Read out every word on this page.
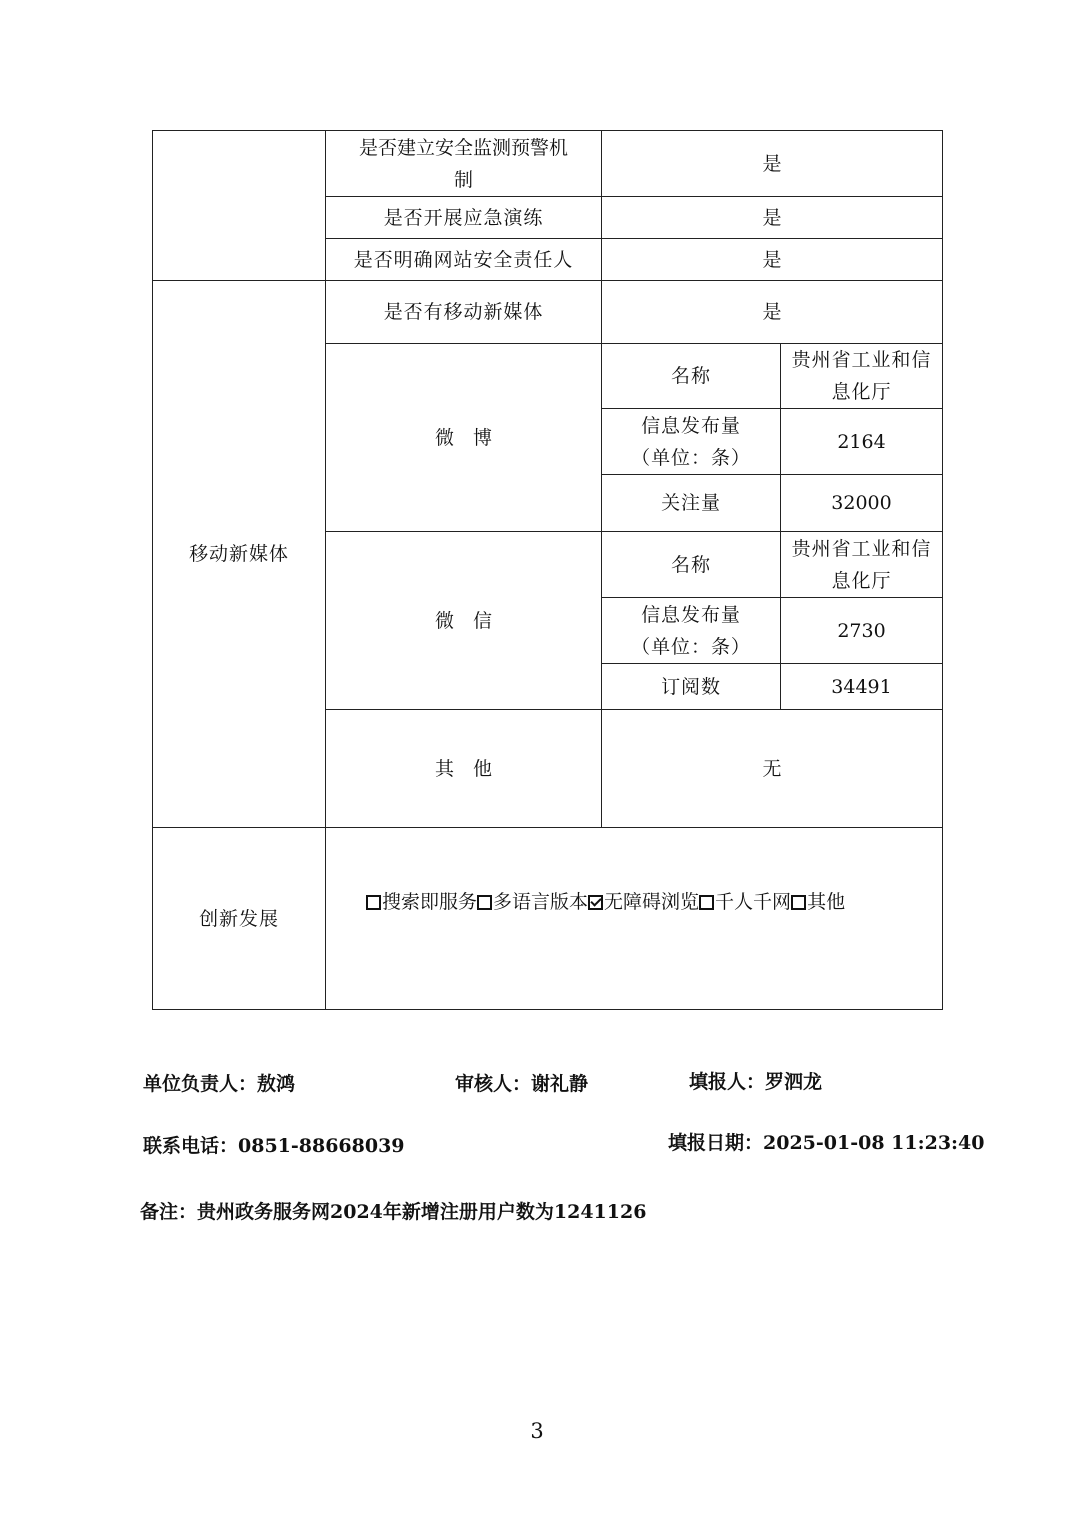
	是否建立安全监测预警机制	是	
	是否开展应急演练	是	
	是否明确网站安全责任人	是	
移动新媒体	是否有移动新媒体	是	
	微　博	名称	贵州省工业和信息化厅
		信息发布量（单位：条）	2164
		关注量	32000
	微　信	名称	贵州省工业和信息化厅
		信息发布量（单位：条）	2730
		订阅数	34491
	其　他	无	
创新发展	搜索即服务 多语言版本 无障碍浏览 千人千网 其他		
单位负责人：敖鸿	审核人：谢礼静	填报人：罗泗龙
联系电话：0851-88668039	填报日期：2025-01-08 11:23:40
备注：贵州政务服务网2024年新增注册用户数为1241126
3
